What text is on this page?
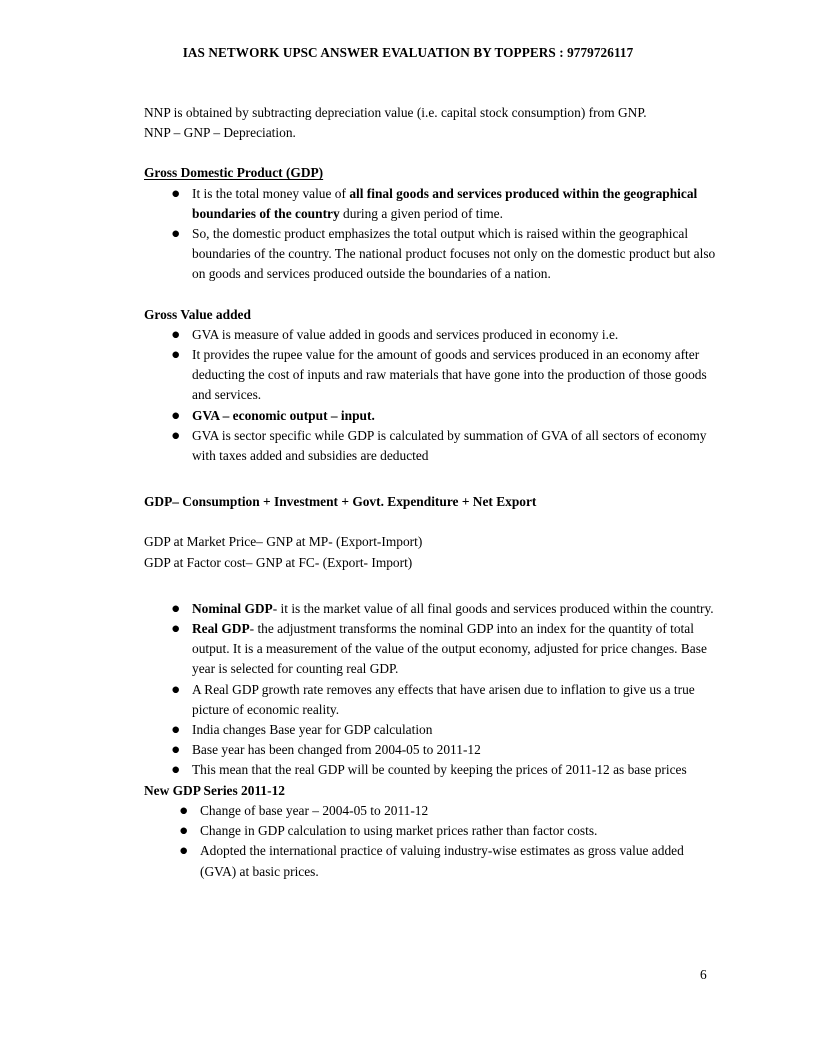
IAS NETWORK UPSC ANSWER EVALUATION BY TOPPERS : 9779726117

NNP is obtained by subtracting depreciation value (i.e. capital stock consumption) from GNP.

NNP – GNP – Depreciation.

Gross Domestic Product (GDP)
● It is the total money value of all final goods and services produced within the geographical boundaries of the country during a given period of time.
● So, the domestic product emphasizes the total output which is raised within the geographical boundaries of the country. The national product focuses not only on the domestic product but also on goods and services produced outside the boundaries of a nation.
Gross Value added
● GVA is measure of value added in goods and services produced in economy i.e.
● It provides the rupee value for the amount of goods and services produced in an economy after deducting the cost of inputs and raw materials that have gone into the production of those goods and services.
● GVA – economic output – input.
● GVA is sector specific while GDP is calculated by summation of GVA of all sectors of economy with taxes added and subsidies are deducted
GDP– Consumption + Investment + Govt. Expenditure + Net Export

GDP at Market Price– GNP at MP- (Export-Import)

GDP at Factor cost– GNP at FC- (Export- Import)

● Nominal GDP- it is the market value of all final goods and services produced within the country.
● Real GDP- the adjustment transforms the nominal GDP into an index for the quantity of total output. It is a measurement of the value of the output economy, adjusted for price changes. Base year is selected for counting real GDP.
● A Real GDP growth rate removes any effects that have arisen due to inflation to give us a true picture of economic reality.
● India changes Base year for GDP calculation
● Base year has been changed from 2004-05 to 2011-12
● This mean that the real GDP will be counted by keeping the prices of 2011-12 as base prices
New GDP Series 2011-12
● Change of base year – 2004-05 to 2011-12
● Change in GDP calculation to using market prices rather than factor costs.
● Adopted the international practice of valuing industry-wise estimates as gross value added (GVA) at basic prices.
6
